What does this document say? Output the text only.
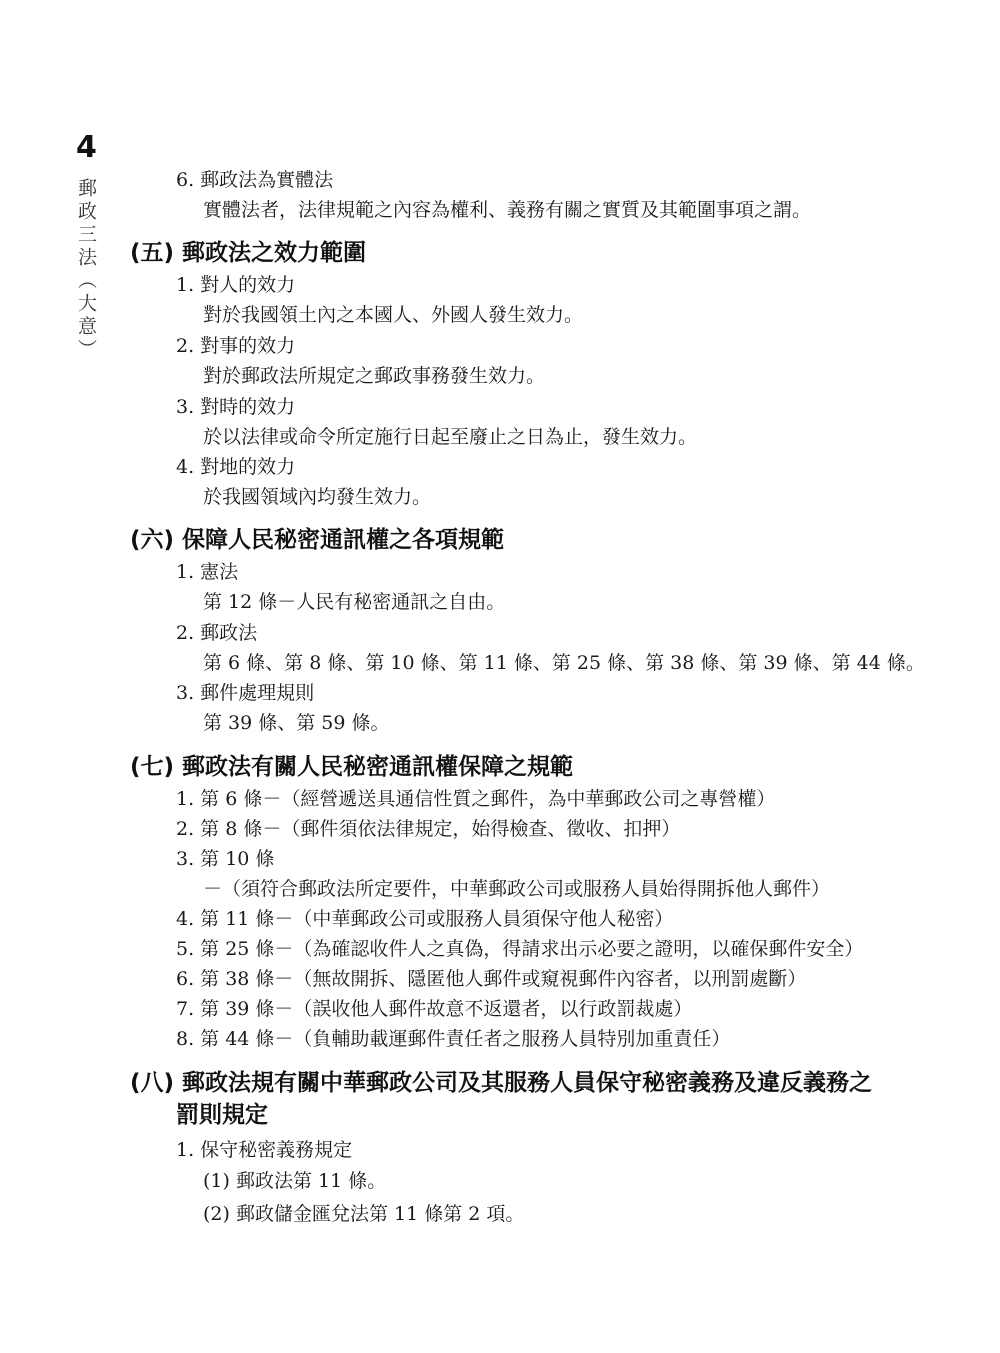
4
郵政三法（大意）	6. 郵政法為實體法
實體法者，法律規範之內容為權利、義務有關之實質及其範圍事項之謂。
(五) 郵政法之效力範圍
1. 對人的效力
對於我國領土內之本國人、外國人發生效力。
2. 對事的效力
對於郵政法所規定之郵政事務發生效力。
3. 對時的效力
於以法律或命令所定施行日起至廢止之日為止，發生效力。
4. 對地的效力
於我國領域內均發生效力。
(六) 保障人民秘密通訊權之各項規範
1. 憲法
第 12 條－人民有秘密通訊之自由。
2. 郵政法
第 6 條、第 8 條、第 10 條、第 11 條、第 25 條、第 38 條、第 39 條、第 44 條。
3. 郵件處理規則
第 39 條、第 59 條。
(七) 郵政法有關人民秘密通訊權保障之規範
1. 第 6 條－（經營遞送具通信性質之郵件，為中華郵政公司之專營權）
2. 第 8 條－（郵件須依法律規定，始得檢查、徵收、扣押）
3. 第 10 條
－（須符合郵政法所定要件，中華郵政公司或服務人員始得開拆他人郵件）
4. 第 11 條－（中華郵政公司或服務人員須保守他人秘密）
5. 第 25 條－（為確認收件人之真偽，得請求出示必要之證明，以確保郵件安全）
6. 第 38 條－（無故開拆、隱匿他人郵件或窺視郵件內容者，以刑罰處斷）
7. 第 39 條－（誤收他人郵件故意不返還者，以行政罰裁處）
8. 第 44 條－（負輔助載運郵件責任者之服務人員特別加重責任）
(八) 郵政法規有關中華郵政公司及其服務人員保守秘密義務及違反義務之
罰則規定
1. 保守秘密義務規定
(1) 郵政法第 11 條。
(2) 郵政儲金匯兌法第 11 條第 2 項。
